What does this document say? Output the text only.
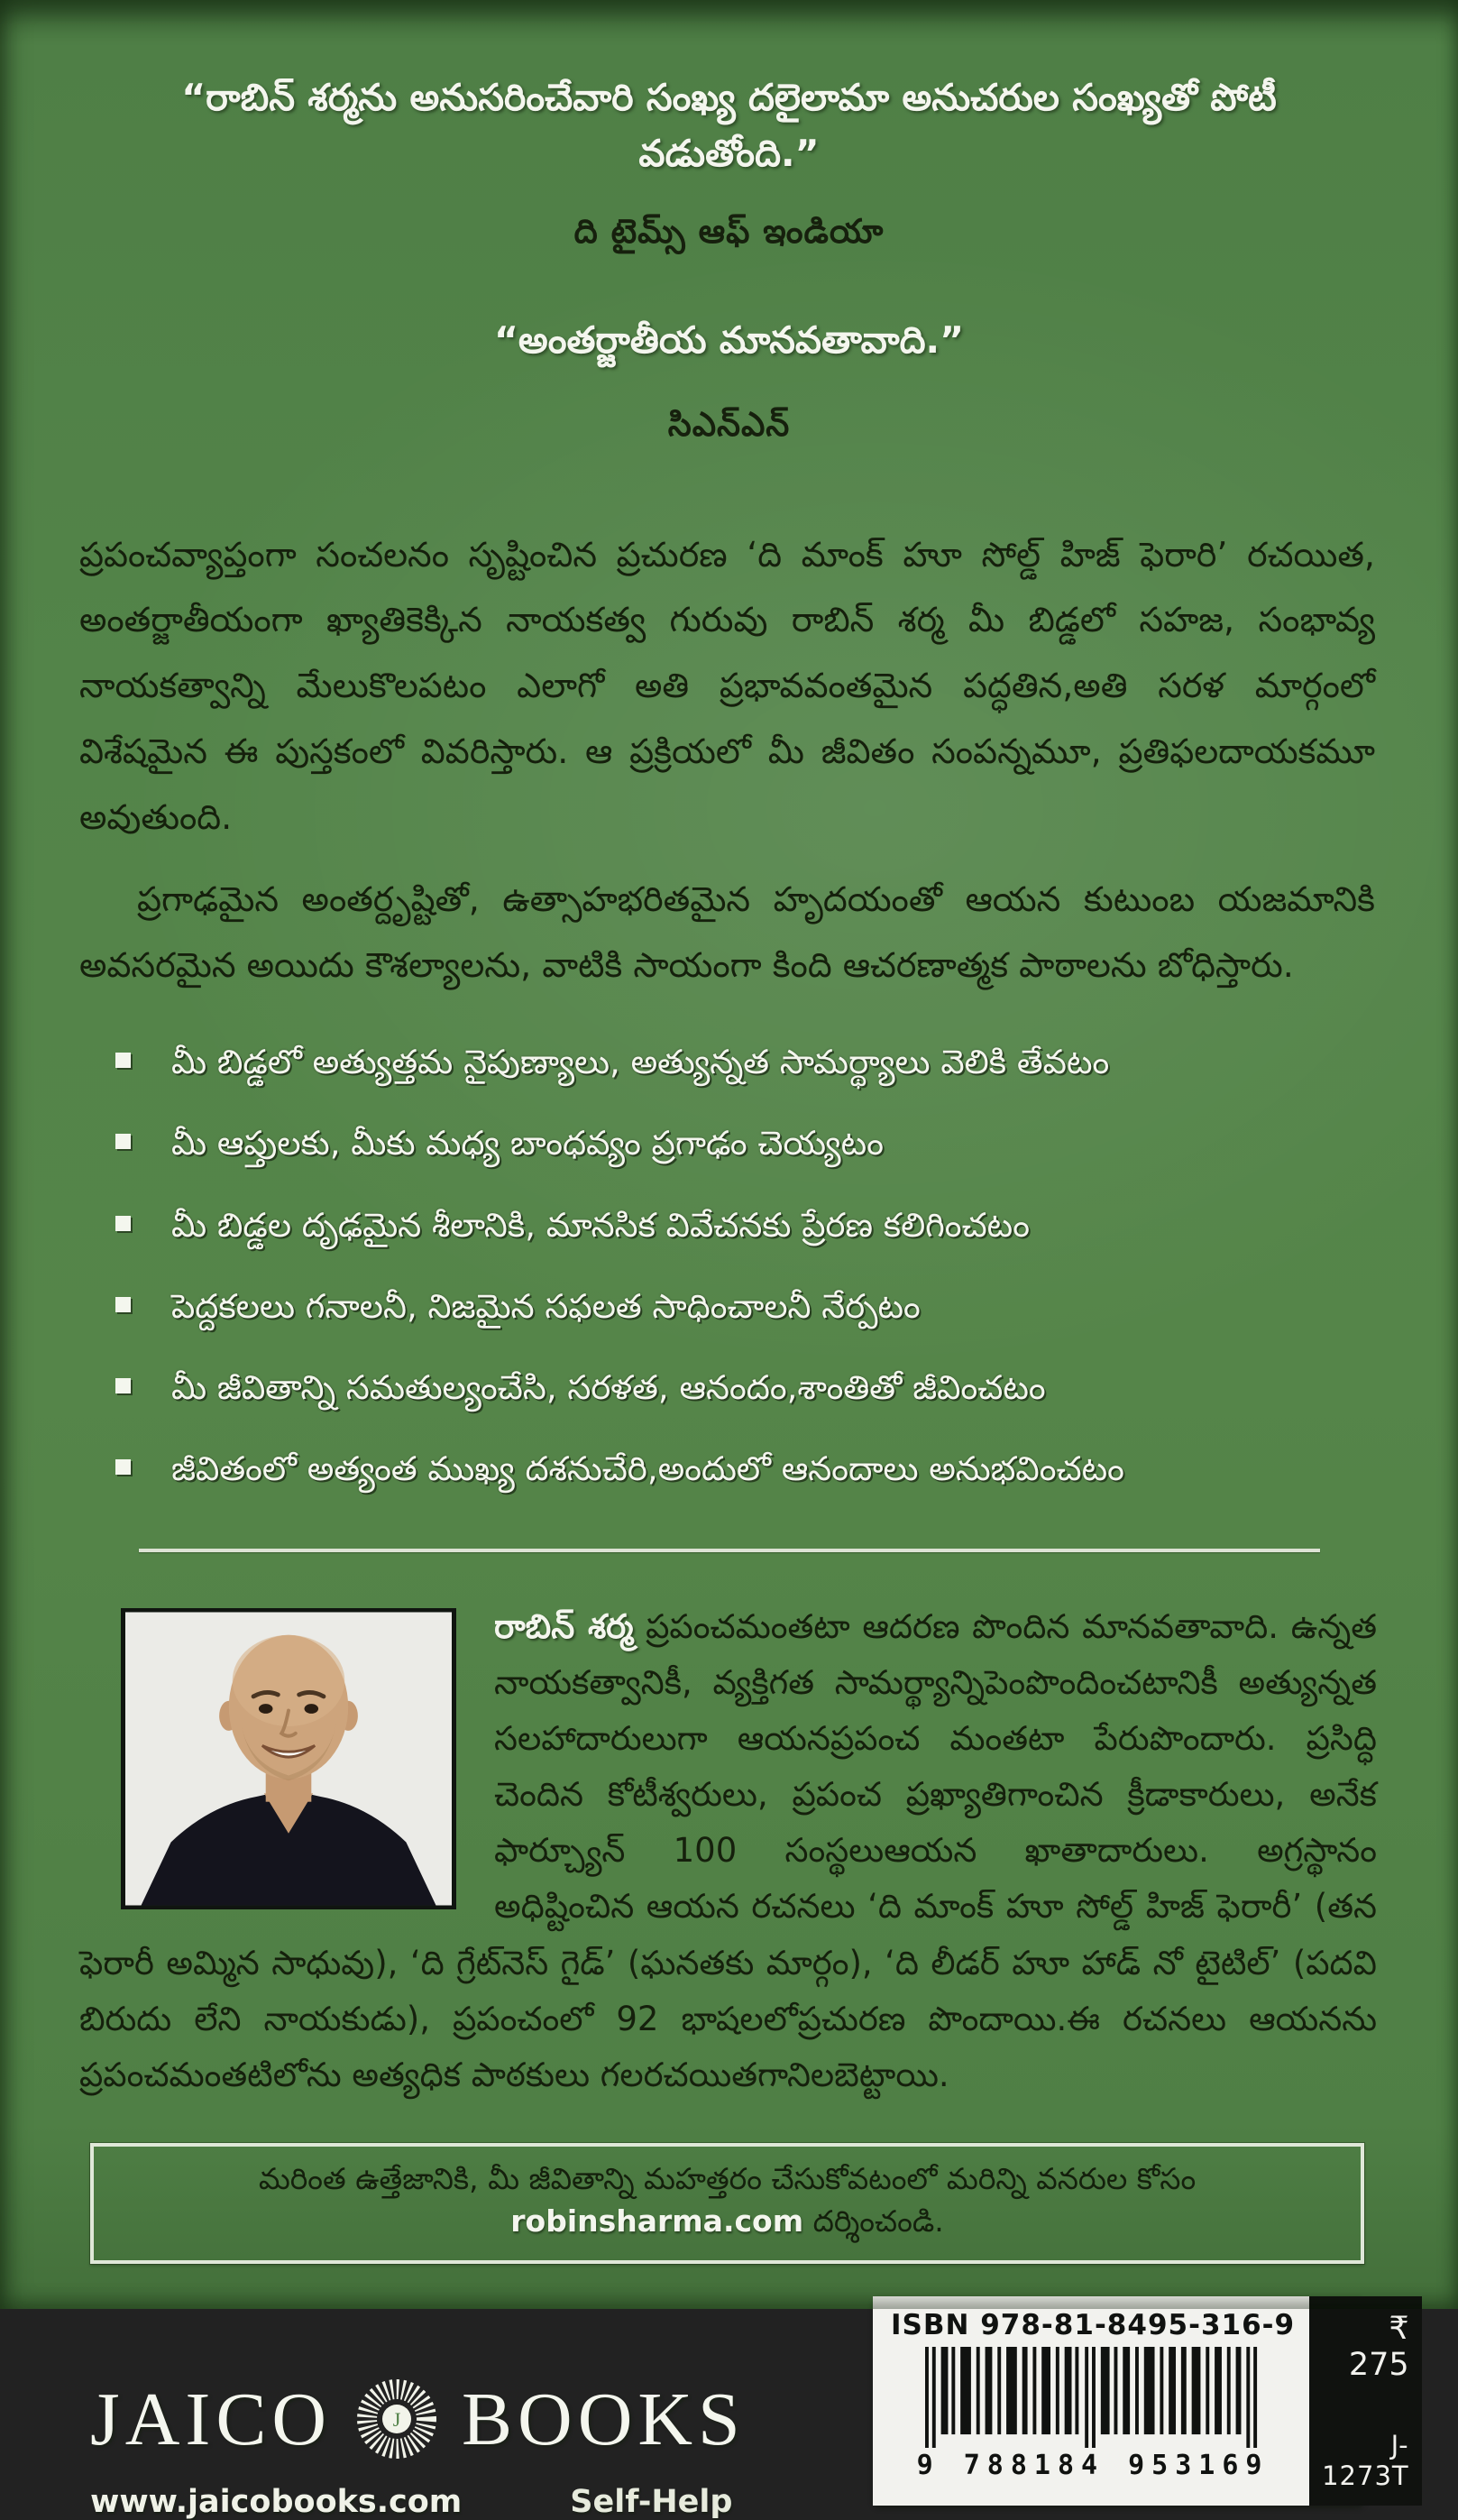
“రాబిన్ శర్మను అనుసరించేవారి సంఖ్య దలైలామా అనుచరుల సంఖ్యతో పోటీ వడుతోంది.”
ది టైమ్స్ ఆఫ్ ఇండియా
“అంతర్జాతీయ మానవతావాది.”
సిఎన్ఎన్

ప్రపంచవ్యాప్తంగా సంచలనం సృష్టించిన ప్రచురణ ‘ది మాంక్ హూ సోల్డ్ హిజ్ ఫెరారి’ రచయిత, అంతర్జాతీయంగా ఖ్యాతికెక్కిన నాయకత్వ గురువు రాబిన్ శర్మ మీ బిడ్డలో సహజ, సంభావ్య నాయకత్వాన్ని మేలుకొలపటం ఎలాగో అతి ప్రభావవంతమైన పద్ధతిన,అతి సరళ మార్గంలో విశేషమైన ఈ పుస్తకంలో వివరిస్తారు. ఆ ప్రక్రియలో మీ జీవితం సంపన్నమూ, ప్రతిఫలదాయకమూ అవుతుంది.

ప్రగాఢమైన అంతర్దృష్టితో, ఉత్సాహభరితమైన హృదయంతో ఆయన కుటుంబ యజమానికి అవసరమైన అయిదు కౌశల్యాలను, వాటికి సాయంగా కింది ఆచరణాత్మక పాఠాలను బోధిస్తారు.

మీ బిడ్డలో అత్యుత్తమ నైపుణ్యాలు, అత్యున్నత సామర్థ్యాలు వెలికి తేవటం
మీ ఆప్తులకు, మీకు మధ్య బాంధవ్యం ప్రగాఢం చెయ్యటం
మీ బిడ్డల దృఢమైన శీలానికి, మానసిక వివేచనకు ప్రేరణ కలిగించటం
పెద్దకలలు గనాలనీ, నిజమైన సఫలత సాధించాలనీ నేర్పటం
మీ జీవితాన్ని సమతుల్యంచేసి, సరళత, ఆనందం,శాంతితో జీవించటం
జీవితంలో అత్యంత ముఖ్య దశనుచేరి,అందులో ఆనందాలు అనుభవించటం
రాబిన్ శర్మ ప్రపంచమంతటా ఆదరణ పొందిన మానవతావాది. ఉన్నత నాయకత్వానికీ, వ్యక్తిగత సామర్థ్యాన్నిపెంపొందించటానికీ అత్యున్నత సలహాదారులుగా ఆయనప్రపంచ మంతటా పేరుపొందారు. ప్రసిద్ధి చెందిన కోటీశ్వరులు, ప్రపంచ ప్రఖ్యాతిగాంచిన క్రీడాకారులు, అనేక ఫార్చ్యూన్ 100 సంస్థలుఆయన ఖాతాదారులు. అగ్రస్థానం అధిష్టించిన ఆయన రచనలు ‘ది మాంక్ హూ సోల్డ్ హిజ్ ఫెరారీ’ (తన ఫెరారీ అమ్మిన సాధువు), ‘ది గ్రేట్‌నెస్ గైడ్’ (ఘనతకు మార్గం), ‘ది లీడర్ హూ హాడ్ నో టైటిల్’ (పదవి బిరుదు లేని నాయకుడు), ప్రపంచంలో 92 భాషలలోప్రచురణ పొందాయి.ఈ రచనలు ఆయనను ప్రపంచమంతటిలోను అత్యధిక పాఠకులు గలరచయితగానిలబెట్టాయి.
మరింత ఉత్తేజానికి, మీ జీవితాన్ని మహత్తరం చేసుకోవటంలో మరిన్ని వనరుల కోసం robinsharma.com దర్శించండి.
JAICO	J BOOKS
www.jaicobooks.com	Self-Help
ISBN 978-81-8495-316-9
9 788184 953169
₹ 275
J-1273T
